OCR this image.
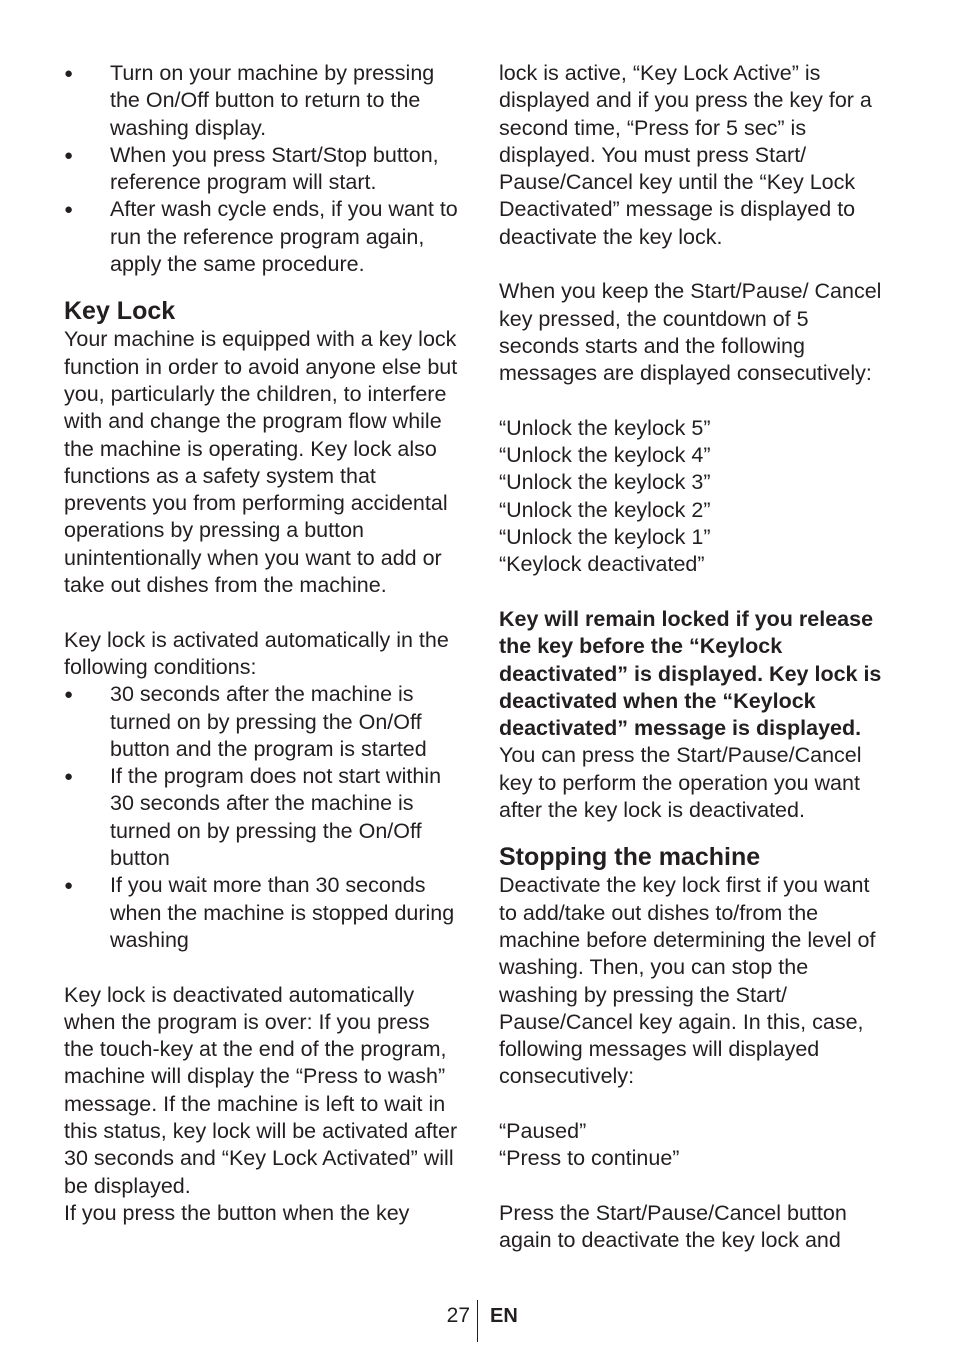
● Turn on your machine by pressing the On/Off button to return to the washing display.
● When you press Start/Stop button, reference program will start.
● After wash cycle ends, if you want to run the reference program again, apply the same procedure.
Key Lock

Your machine is equipped with a key lock function in order to avoid anyone else but you, particularly the children, to interfere with and change the program flow while the machine is operating. Key lock also functions as a safety system that prevents you from performing accidental operations by pressing a button unintentionally when you want to add or take out dishes from the machine.

Key lock is activated automatically in the following conditions:

● 30 seconds after the machine is turned on by pressing the On/Off button and the program is started
● If the program does not start within 30 seconds after the machine is turned on by pressing the On/Off button
● If you wait more than 30 seconds when the machine is stopped during washing

Key lock is deactivated automatically when the program is over: If you press the touch-key at the end of the program, machine will display the “Press to wash” message. If the machine is left to wait in this status, key lock will be activated after 30 seconds and “Key Lock Activated” will be displayed.

If you press the button when the key

lock is active, “Key Lock Active” is displayed and if you press the key for a second time, “Press for 5 sec” is displayed. You must press Start/ Pause/Cancel key until the “Key Lock Deactivated” message is displayed to deactivate the key lock.

When you keep the Start/Pause/ Cancel key pressed, the countdown of 5 seconds starts and the following messages are displayed consecutively:

“Unlock the keylock 5”
“Unlock the keylock 4”
“Unlock the keylock 3”
“Unlock the keylock 2”
“Unlock the keylock 1”
“Keylock deactivated”

Key will remain locked if you release the key before the “Keylock deactivated” is displayed. Key lock is deactivated when the “Keylock deactivated” message is displayed. You can press the Start/Pause/Cancel key to perform the operation you want after the key lock is deactivated.

Stopping the machine

Deactivate the key lock first if you want to add/take out dishes to/from the machine before determining the level of washing. Then, you can stop the washing by pressing the Start/ Pause/Cancel key again. In this, case, following messages will displayed consecutively:

“Paused”
“Press to continue”

Press the Start/Pause/Cancel button again to deactivate the key lock and

27 EN
